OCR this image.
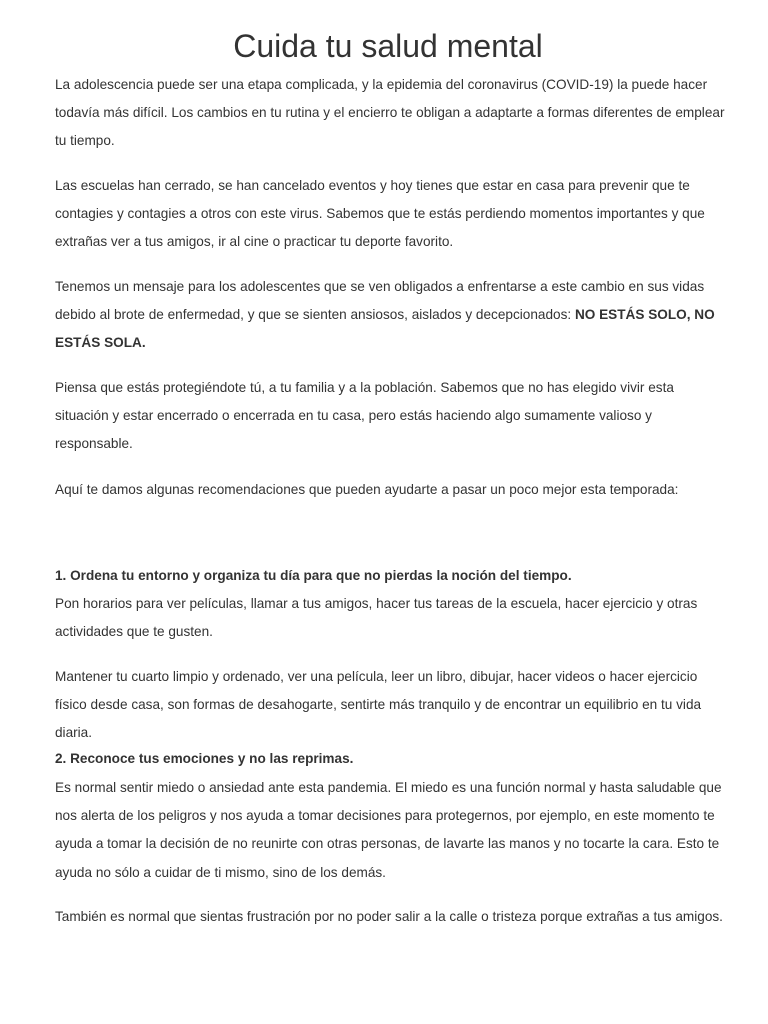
Cuida tu salud mental

La adolescencia puede ser una etapa complicada, y la epidemia del coronavirus (COVID-19) la puede hacer todavía más difícil. Los cambios en tu rutina y el encierro te obligan a adaptarte a formas diferentes de emplear tu tiempo.

Las escuelas han cerrado, se han cancelado eventos y hoy tienes que estar en casa para prevenir que te contagies y contagies a otros con este virus. Sabemos que te estás perdiendo momentos importantes y que extrañas ver a tus amigos, ir al cine o practicar tu deporte favorito.

Tenemos un mensaje para los adolescentes que se ven obligados a enfrentarse a este cambio en sus vidas debido al brote de enfermedad, y que se sienten ansiosos, aislados y decepcionados: NO ESTÁS SOLO, NO ESTÁS SOLA.

Piensa que estás protegiéndote tú, a tu familia y a la población. Sabemos que no has elegido vivir esta situación y estar encerrado o encerrada en tu casa, pero estás haciendo algo sumamente valioso y responsable.

Aquí te damos algunas recomendaciones que pueden ayudarte a pasar un poco mejor esta temporada:

1. Ordena tu entorno y organiza tu día para que no pierdas la noción del tiempo.

Pon horarios para ver películas, llamar a tus amigos, hacer tus tareas de la escuela, hacer ejercicio y otras actividades que te gusten.

Mantener tu cuarto limpio y ordenado, ver una película, leer un libro, dibujar, hacer videos o hacer ejercicio físico desde casa, son formas de desahogarte, sentirte más tranquilo y de encontrar un equilibrio en tu vida diaria.

2. Reconoce tus emociones y no las reprimas.

Es normal sentir miedo o ansiedad ante esta pandemia. El miedo es una función normal y hasta saludable que nos alerta de los peligros y nos ayuda a tomar decisiones para protegernos, por ejemplo, en este momento te ayuda a tomar la decisión de no reunirte con otras personas, de lavarte las manos y no tocarte la cara. Esto te ayuda no sólo a cuidar de ti mismo, sino de los demás.

También es normal que sientas frustración por no poder salir a la calle o tristeza porque extrañas a tus amigos.
